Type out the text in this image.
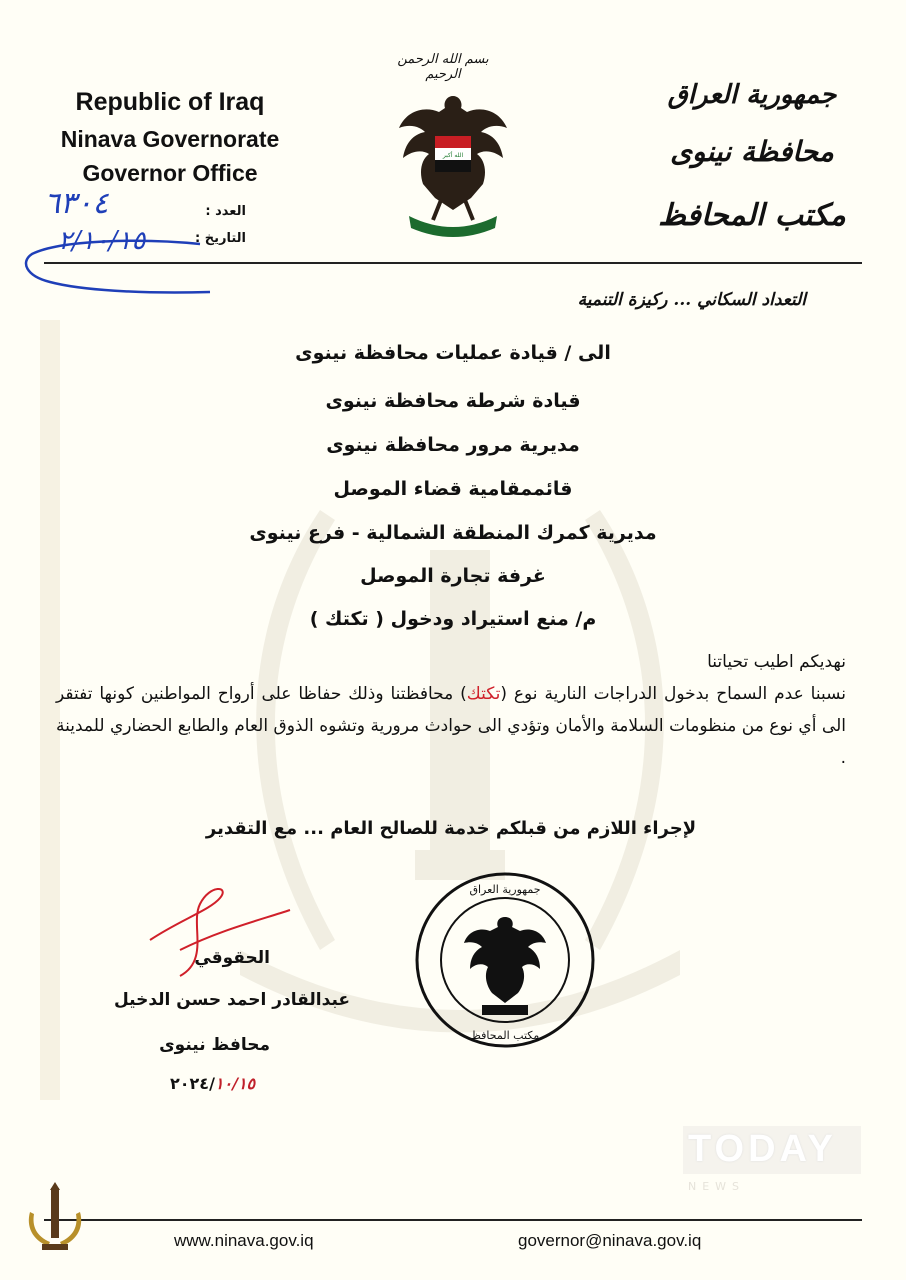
Republic of Iraq
Ninava Governorate
Governor Office
جمهورية العراق
محافظة نينوى
مكتب المحافظ
بسم الله الرحمن الرحيم
الله أكبر
العدد :
التاريخ :
٦٣٠٤
٢/١٠/١٥
التعداد السكاني ... ركيزة التنمية
الى / قيادة عمليات محافظة نينوى
قيادة شرطة محافظة نينوى
مديرية مرور محافظة نينوى
قائممقامية قضاء الموصل
مديرية كمرك المنطقة الشمالية - فرع نينوى
غرفة تجارة الموصل
م/ منع استيراد ودخول ( تكتك )
نهديكم اطيب تحياتنا
نسبنا عدم السماح بدخول الدراجات النارية نوع (تكتك) محافظتنا وذلك حفاظا على أرواح المواطنين كونها تفتقر الى أي نوع من منظومات السلامة والأمان وتؤدي الى حوادث مرورية وتشوه الذوق العام والطابع الحضاري للمدينة .
لإجراء اللازم من قبلكم خدمة للصالح العام ... مع التقدير
الحقوقي
عبدالقادر احمد حسن الدخيل
محافظ نينوى
٢٠٢٤/١٠/١٥
جمهورية العراق
مكتب المحافظ
TODAY
NEWS
www.ninava.gov.iq	governor@ninava.gov.iq
